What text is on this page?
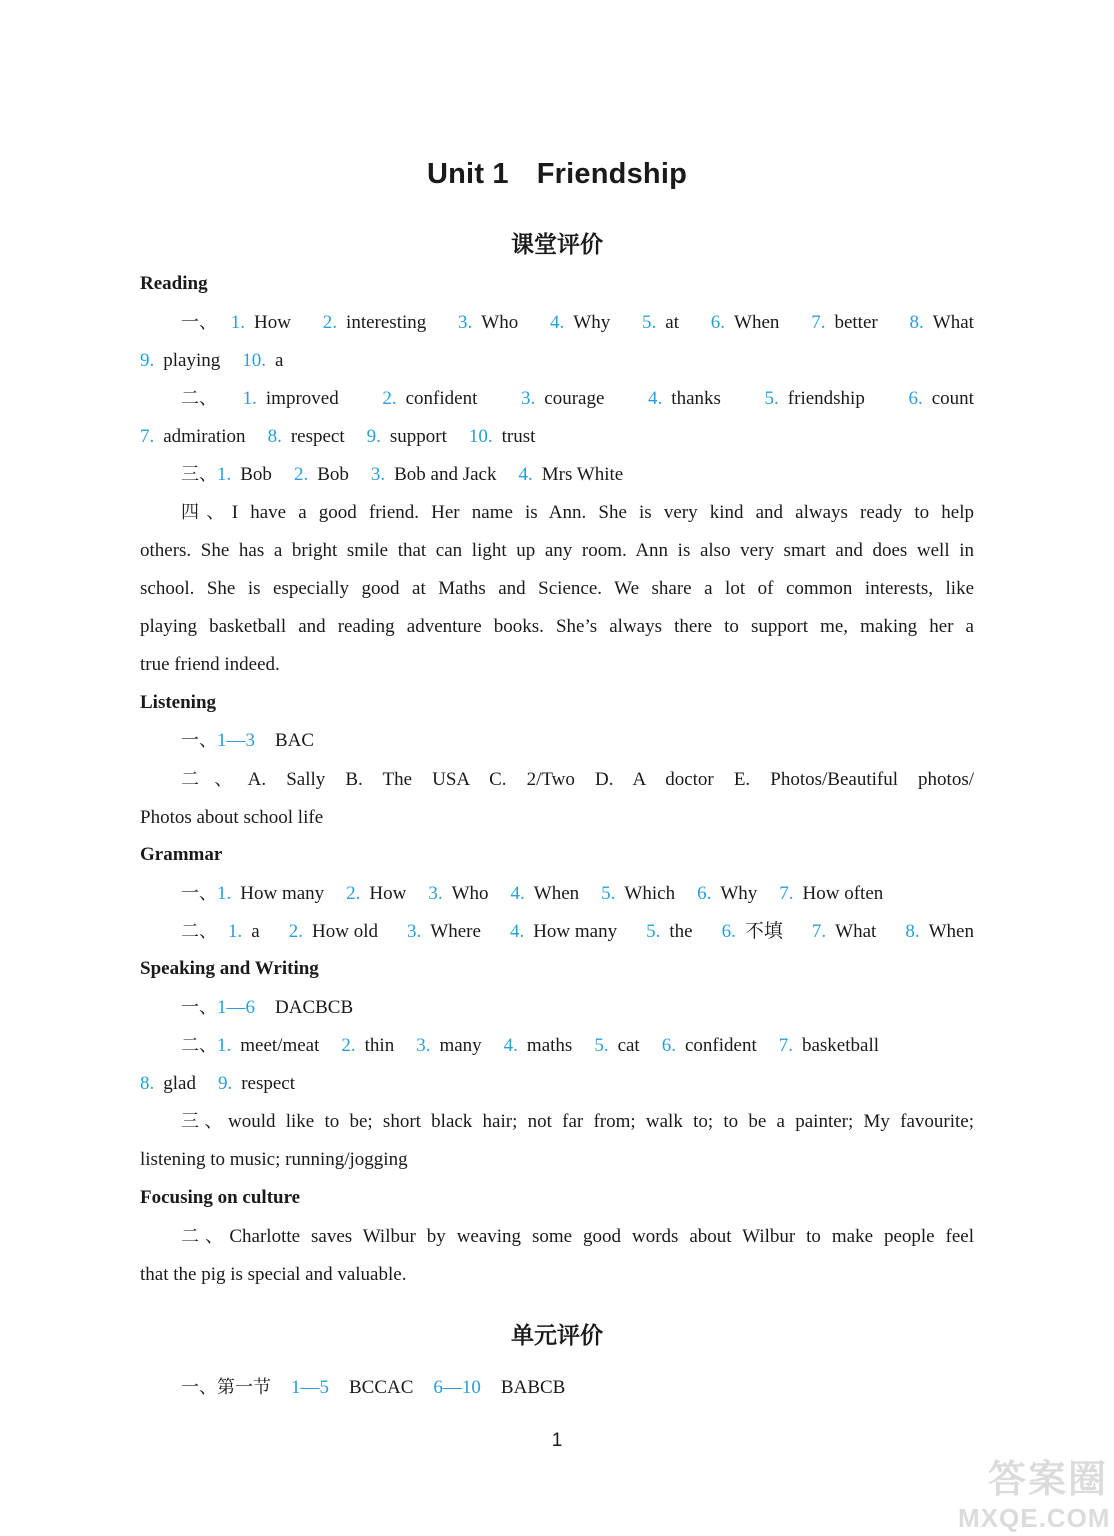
Unit 1 Friendship
课堂评价
Reading
一、 1 . How 2 . interesting 3 . Who 4 . Why 5 . at 6 . When 7 . better 8 . What
9 . playing 10 . a
二、 1 . improved 2 . confident 3 . courage 4 . thanks 5 . friendship 6 . count
7 . admiration 8 . respect 9 . support 10 . trust
三、1 . Bob 2 . Bob 3 . Bob and Jack 4 . Mrs White
四、I have a good friend. Her name is Ann. She is very kind and always ready to help
others. She has a bright smile that can light up any room. Ann is also very smart and does well in
school. She is especially good at Maths and Science. We share a lot of common interests, like
playing basketball and reading adventure books. She’s always there to support me, making her a
true friend indeed.
Listening
一、1—3 BAC
二、A. Sally B. The USA C. 2/Two D. A doctor E. Photos/Beautiful photos/
Photos about school life
Grammar
一、1 . How many 2 . How 3 . Who 4 . When 5 . Which 6 . Why 7 . How often
二、 1 . a 2 . How old 3 . Where 4 . How many 5 . the 6 . 不填 7 . What 8 . When
Speaking and Writing
一、1—6 DACBCB
二、1 . meet/meat 2 . thin 3 . many 4 . maths 5 . cat 6 . confident 7 . basketball
8 . glad 9 . respect
三、would like to be; short black hair; not far from; walk to; to be a painter; My favourite;
listening to music; running/jogging
Focusing on culture
二、Charlotte saves Wilbur by weaving some good words about Wilbur to make people feel
that the pig is special and valuable.
单元评价
一、第一节 1—5 BCCAC 6—10 BABCB
1
答案圈
MXQE.COM
